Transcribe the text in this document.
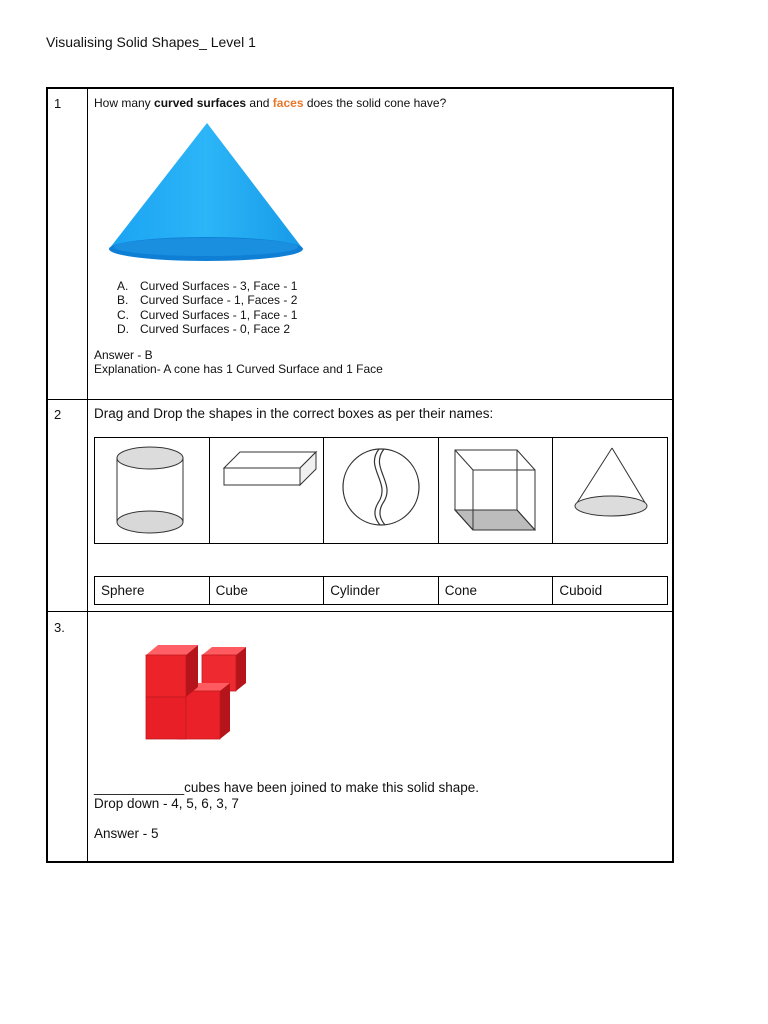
Visualising Solid Shapes_ Level 1
1	How many curved surfaces and faces does the solid cone have?
A. Curved Surfaces - 3, Face - 1
B. Curved Surface - 1, Faces - 2
C. Curved Surfaces - 1, Face - 1
D. Curved Surfaces - 0, Face 2
Answer - B
Explanation- A cone has 1 Curved Surface and 1 Face
2 Drag and Drop the shapes in the correct boxes as per their names:
Sphere	Cube	Cylinder	Cone	Cuboid
3.
____________cubes have been joined to make this solid shape.
Drop down - 4, 5, 6, 3, 7
Answer - 5
